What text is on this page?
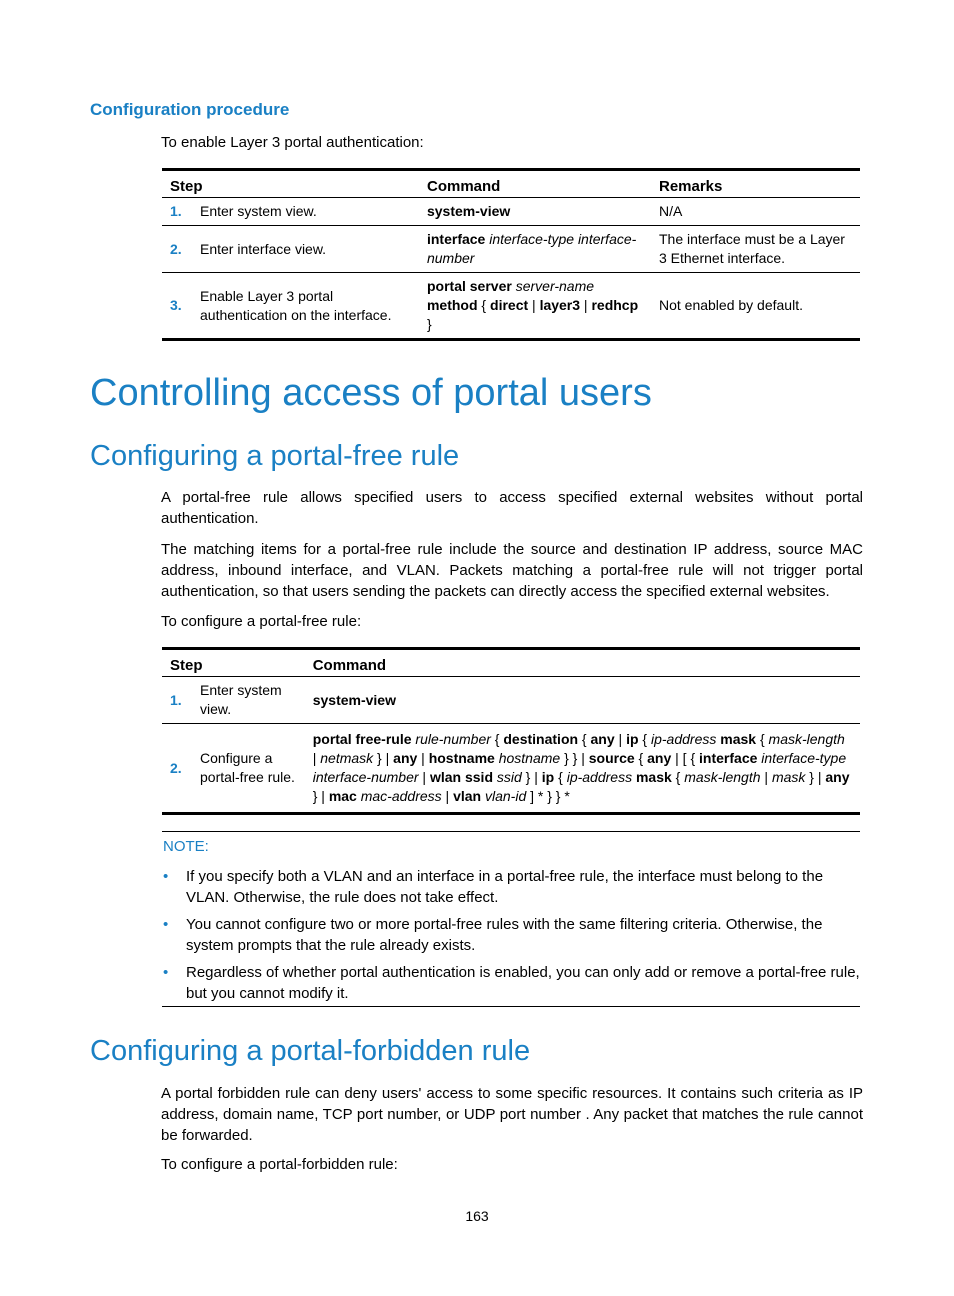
Configuration procedure
To enable Layer 3 portal authentication:
Step		Command	Remarks
1.	Enter system view.	system-view	N/A
2.	Enter interface view.	interface interface-type interface-number	The interface must be a Layer 3 Ethernet interface.
3.	Enable Layer 3 portal authentication on the interface.	portal server server-name method { direct | layer3 | redhcp }	Not enabled by default.
Controlling access of portal users
Configuring a portal-free rule
A portal-free rule allows specified users to access specified external websites without portal authentication.
The matching items for a portal-free rule include the source and destination IP address, source MAC address, inbound interface, and VLAN. Packets matching a portal-free rule will not trigger portal authentication, so that users sending the packets can directly access the specified external websites.
To configure a portal-free rule:
Step		Command
1.	Enter system view.	system-view
2.	Configure a portal-free rule.	portal free-rule rule-number { destination { any | ip { ip-address mask { mask-length | netmask } | any | hostname hostname } } | source { any | [ { interface interface-type interface-number | wlan ssid ssid } | ip { ip-address mask { mask-length | mask } | any } | mac mac-address | vlan vlan-id ] * } } *
NOTE:
• If you specify both a VLAN and an interface in a portal-free rule, the interface must belong to the VLAN. Otherwise, the rule does not take effect.
• You cannot configure two or more portal-free rules with the same filtering criteria. Otherwise, the system prompts that the rule already exists.
• Regardless of whether portal authentication is enabled, you can only add or remove a portal-free rule, but you cannot modify it.
Configuring a portal-forbidden rule
A portal forbidden rule can deny users' access to some specific resources. It contains such criteria as IP address, domain name, TCP port number, or UDP port number . Any packet that matches the rule cannot be forwarded.
To configure a portal-forbidden rule:
163
